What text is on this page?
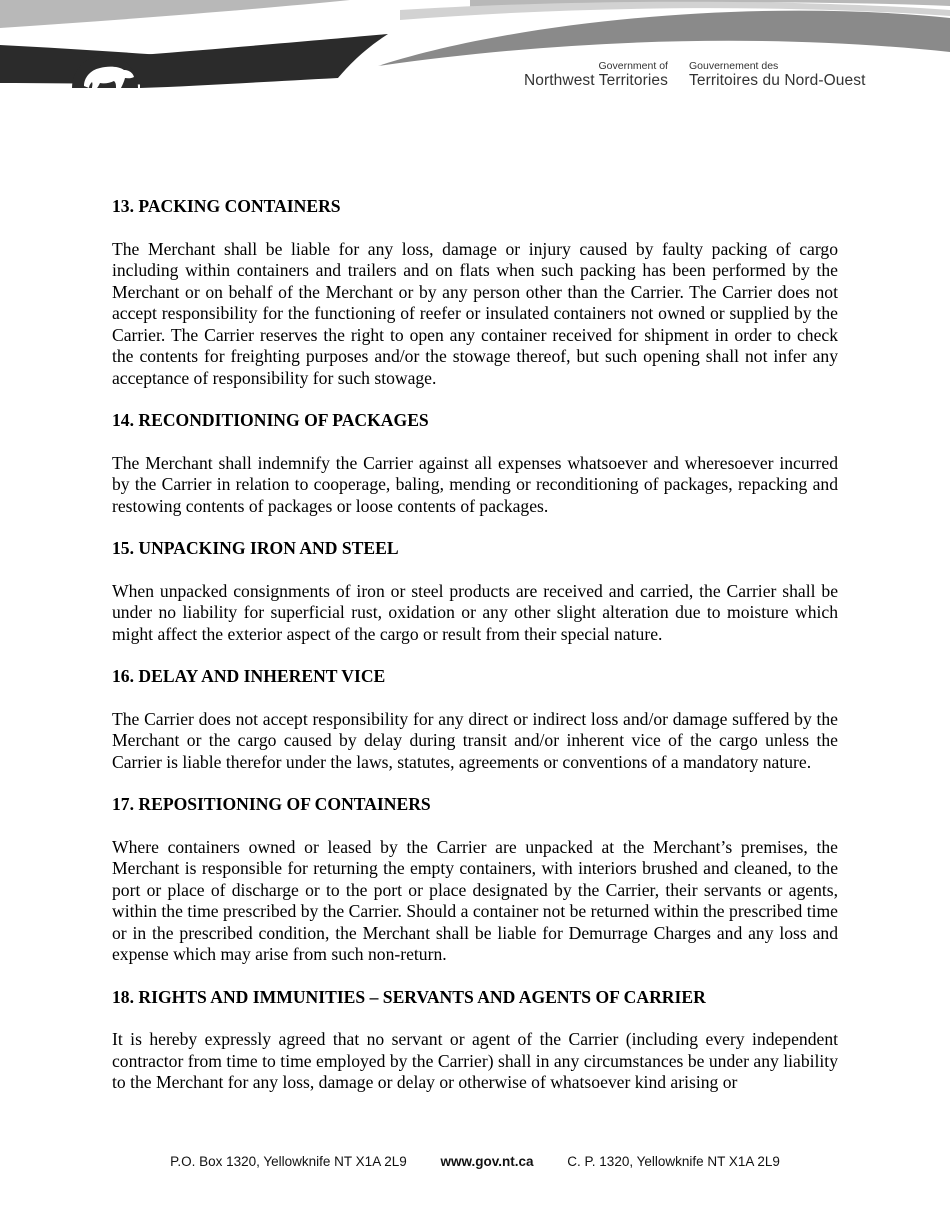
Government of
Northwest Territories
Gouvernement des
Territoires du Nord-Ouest

13. PACKING CONTAINERS

The Merchant shall be liable for any loss, damage or injury caused by faulty packing of cargo including within containers and trailers and on flats when such packing has been performed by the Merchant or on behalf of the Merchant or by any person other than the Carrier. The Carrier does not accept responsibility for the functioning of reefer or insulated containers not owned or supplied by the Carrier. The Carrier reserves the right to open any container received for shipment in order to check the contents for freighting purposes and/or the stowage thereof, but such opening shall not infer any acceptance of responsibility for such stowage.

14. RECONDITIONING OF PACKAGES

The Merchant shall indemnify the Carrier against all expenses whatsoever and wheresoever incurred by the Carrier in relation to cooperage, baling, mending or reconditioning of packages, repacking and restowing contents of packages or loose contents of packages.

15. UNPACKING IRON AND STEEL

When unpacked consignments of iron or steel products are received and carried, the Carrier shall be under no liability for superficial rust, oxidation or any other slight alteration due to moisture which might affect the exterior aspect of the cargo or result from their special nature.

16. DELAY AND INHERENT VICE

The Carrier does not accept responsibility for any direct or indirect loss and/or damage suffered by the Merchant or the cargo caused by delay during transit and/or inherent vice of the cargo unless the Carrier is liable therefor under the laws, statutes, agreements or conventions of a mandatory nature.

17. REPOSITIONING OF CONTAINERS

Where containers owned or leased by the Carrier are unpacked at the Merchant’s premises, the Merchant is responsible for returning the empty containers, with interiors brushed and cleaned, to the port or place of discharge or to the port or place designated by the Carrier, their servants or agents, within the time prescribed by the Carrier. Should a container not be returned within the prescribed time or in the prescribed condition, the Merchant shall be liable for Demurrage Charges and any loss and expense which may arise from such non-return.

18. RIGHTS AND IMMUNITIES – SERVANTS AND AGENTS OF CARRIER

It is hereby expressly agreed that no servant or agent of the Carrier (including every independent contractor from time to time employed by the Carrier) shall in any circumstances be under any liability to the Merchant for any loss, damage or delay or otherwise of whatsoever kind arising or

P.O. Box 1320, Yellowknife NT X1A 2L9	www.gov.nt.ca	C. P. 1320, Yellowknife NT X1A 2L9
